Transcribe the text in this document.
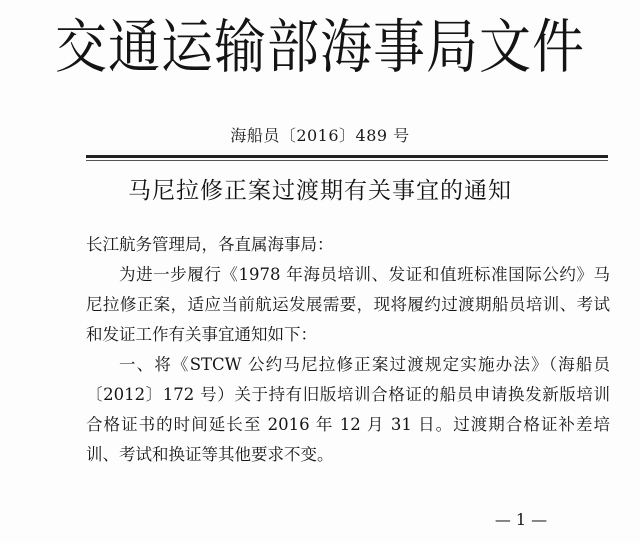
交通运输部海事局文件
海船员〔2016〕489 号
马尼拉修正案过渡期有关事宜的通知

长江航务管理局，各直属海事局：

为进一步履行《1978 年海员培训、发证和值班标准国际公约》马尼拉修正案，适应当前航运发展需要，现将履约过渡期船员培训、考试和发证工作有关事宜通知如下：

一、将《STCW 公约马尼拉修正案过渡规定实施办法》（海船员〔2012〕172 号）关于持有旧版培训合格证的船员申请换发新版培训合格证书的时间延长至 2016 年 12 月 31 日。过渡期合格证补差培训、考试和换证等其他要求不变。

— 1 —
